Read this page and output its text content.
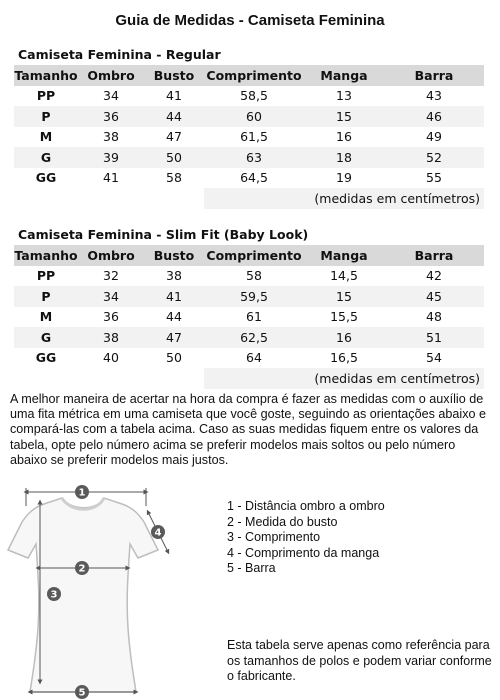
Guia de Medidas - Camiseta Feminina
Camiseta Feminina - Regular
Tamanho	Ombro	Busto	Comprimento	Manga	Barra
PP	34	41	58,5	13	43
P	36	44	60	15	46
M	38	47	61,5	16	49
G	39	50	63	18	52
GG	41	58	64,5	19	55
			(medidas em centímetros)		
Camiseta Feminina - Slim Fit (Baby Look)
Tamanho	Ombro	Busto	Comprimento	Manga	Barra
PP	32	38	58	14,5	42
P	34	41	59,5	15	45
M	36	44	61	15,5	48
G	38	47	62,5	16	51
GG	40	50	64	16,5	54
			(medidas em centímetros)		
A melhor maneira de acertar na hora da compra é fazer as medidas com o auxílio de uma fita métrica em uma camiseta que você goste, seguindo as orientações abaixo e compará-las com a tabela acima. Caso as suas medidas fiquem entre os valores da tabela, opte pelo número acima se preferir modelos mais soltos ou pelo número abaixo se preferir modelos mais justos.
1
2
3
4
5
1 - Distância ombro a ombro
2 - Medida do busto
3 - Comprimento
4 - Comprimento da manga
5 - Barra
Esta tabela serve apenas como referência para os tamanhos de polos e podem variar conforme o fabricante.
